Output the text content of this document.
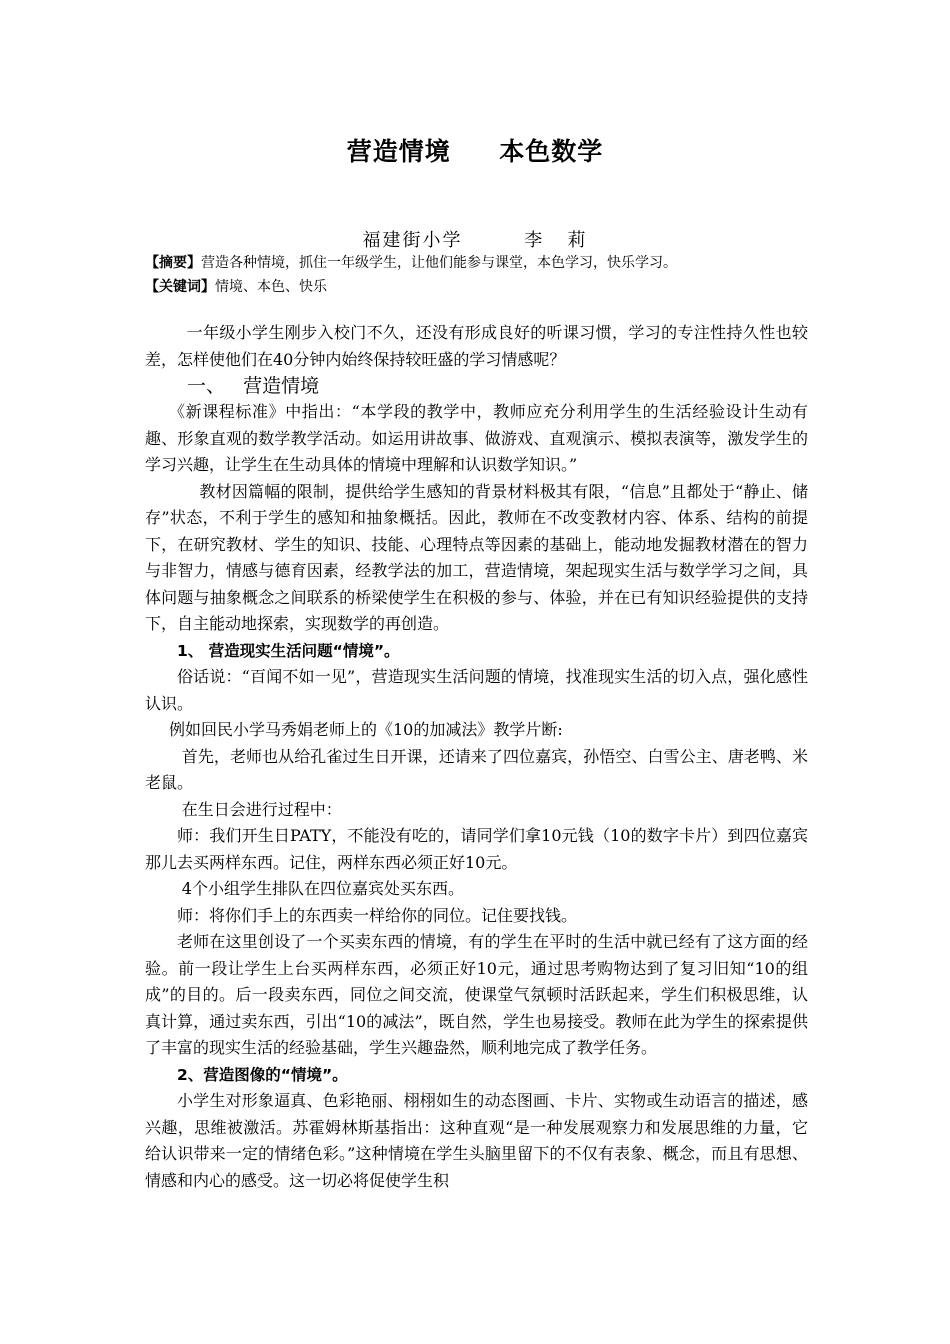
营造情境     本色数学
福建街小学        李   莉
【摘要】营造各种情境，抓住一年级学生，让他们能参与课堂，本色学习，快乐学习。
【关键词】情境、本色、快乐

一年级小学生刚步入校门不久，还没有形成良好的听课习惯，学习的专注性持久性也较差，怎样使他们在40分钟内始终保持较旺盛的学习情感呢？

一、   营造情境

《新课程标准》中指出：“本学段的教学中，教师应充分利用学生的生活经验设计生动有趣、形象直观的数学教学活动。如运用讲故事、做游戏、直观演示、模拟表演等，激发学生的学习兴趣，让学生在生动具体的情境中理解和认识数学知识。”

教材因篇幅的限制，提供给学生感知的背景材料极其有限，“信息”且都处于“静止、储存”状态，不利于学生的感知和抽象概括。因此，教师在不改变教材内容、体系、结构的前提下，在研究教材、学生的知识、技能、心理特点等因素的基础上，能动地发掘教材潜在的智力与非智力，情感与德育因素，经教学法的加工，营造情境，架起现实生活与数学学习之间，具体问题与抽象概念之间联系的桥梁使学生在积极的参与、体验，并在已有知识经验提供的支持下，自主能动地探索，实现数学的再创造。

1、 营造现实生活问题“情境”。

俗话说：“百闻不如一见”，营造现实生活问题的情境，找准现实生活的切入点，强化感性认识。

例如回民小学马秀娟老师上的《10的加减法》教学片断:

首先，老师也从给孔雀过生日开课，还请来了四位嘉宾，孙悟空、白雪公主、唐老鸭、米老鼠。

在生日会进行过程中：

师：我们开生日PATY，不能没有吃的，请同学们拿10元钱（10的数字卡片）到四位嘉宾那儿去买两样东西。记住，两样东西必须正好10元。

4个小组学生排队在四位嘉宾处买东西。

师：将你们手上的东西卖一样给你的同位。记住要找钱。

老师在这里创设了一个买卖东西的情境，有的学生在平时的生活中就已经有了这方面的经验。前一段让学生上台买两样东西，必须正好10元，通过思考购物达到了复习旧知“10的组成”的目的。后一段卖东西，同位之间交流，使课堂气氛顿时活跃起来，学生们积极思维，认真计算，通过卖东西，引出“10的减法”，既自然，学生也易接受。教师在此为学生的探索提供了丰富的现实生活的经验基础，学生兴趣盎然，顺利地完成了教学任务。

2、营造图像的“情境”。

小学生对形象逼真、色彩艳丽、栩栩如生的动态图画、卡片、实物或生动语言的描述，感兴趣，思维被激活。苏霍姆林斯基指出：这种直观“是一种发展观察力和发展思维的力量，它给认识带来一定的情绪色彩。”这种情境在学生头脑里留下的不仅有表象、概念，而且有思想、情感和内心的感受。这一切必将促使学生积
